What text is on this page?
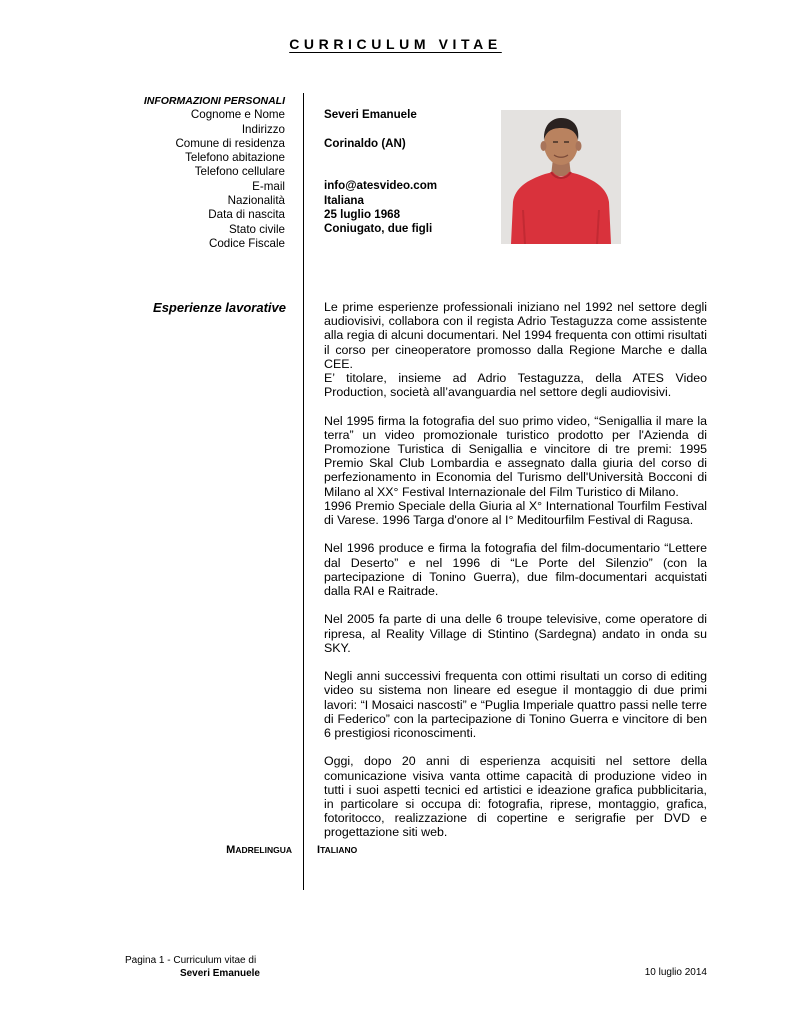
CURRICULUM VITAE
INFORMAZIONI PERSONALI
Cognome e Nome
Indirizzo
Comune di residenza
Telefono abitazione
Telefono cellulare
E-mail
Nazionalità
Data di nascita
Stato civile
Codice Fiscale
Severi Emanuele
Corinaldo (AN)
info@atesvideo.com
Italiana
25 luglio 1968
Coniugato, due figli
Esperienze lavorative	Le prime esperienze professionali iniziano nel 1992 nel settore degli audiovisivi, collabora con il regista Adrio Testaguzza come assistente alla regia di alcuni documentari. Nel 1994 frequenta con ottimi risultati il corso per cineoperatore promosso dalla Regione Marche e dalla CEE.

E’ titolare, insieme ad Adrio Testaguzza, della ATES Video Production, società all’avanguardia nel settore degli audiovisivi.

Nel 1995 firma la fotografia del suo primo video, “Senigallia il mare la terra” un video promozionale turistico prodotto per l'Azienda di Promozione Turistica di Senigallia e vincitore di tre premi: 1995 Premio Skal Club Lombardia e assegnato dalla giuria del corso di perfezionamento in Economia del Turismo dell'Università Bocconi di Milano al XX° Festival Internazionale del Film Turistico di Milano.

1996 Premio Speciale della Giuria al X° International Tourfilm Festival di Varese. 1996 Targa d'onore al I° Meditourfilm Festival di Ragusa.

Nel 1996 produce e firma la fotografia del film-documentario “Lettere dal Deserto” e nel 1996 di “Le Porte del Silenzio” (con la partecipazione di Tonino Guerra), due film-documentari acquistati dalla RAI e Raitrade.

Nel 2005 fa parte di una delle 6 troupe televisive, come operatore di ripresa, al Reality Village di Stintino (Sardegna) andato in onda su SKY.

Negli anni successivi frequenta con ottimi risultati un corso di editing video su sistema non lineare ed esegue il montaggio di due primi lavori: “I Mosaici nascosti” e “Puglia Imperiale quattro passi nelle terre di Federico” con la partecipazione di Tonino Guerra e vincitore di ben 6 prestigiosi riconoscimenti.

Oggi, dopo 20 anni di esperienza acquisiti nel settore della comunicazione visiva vanta ottime capacità di produzione video in tutti i suoi aspetti tecnici ed artistici e ideazione grafica pubblicitaria, in particolare si occupa di: fotografia, riprese, montaggio, grafica, fotoritocco, realizzazione di copertine e serigrafie per DVD e progettazione siti web.

MADRELINGUA ITALIANO
Pagina 1 - Curriculum vitae di
Severi Emanuele	10 luglio 2014
